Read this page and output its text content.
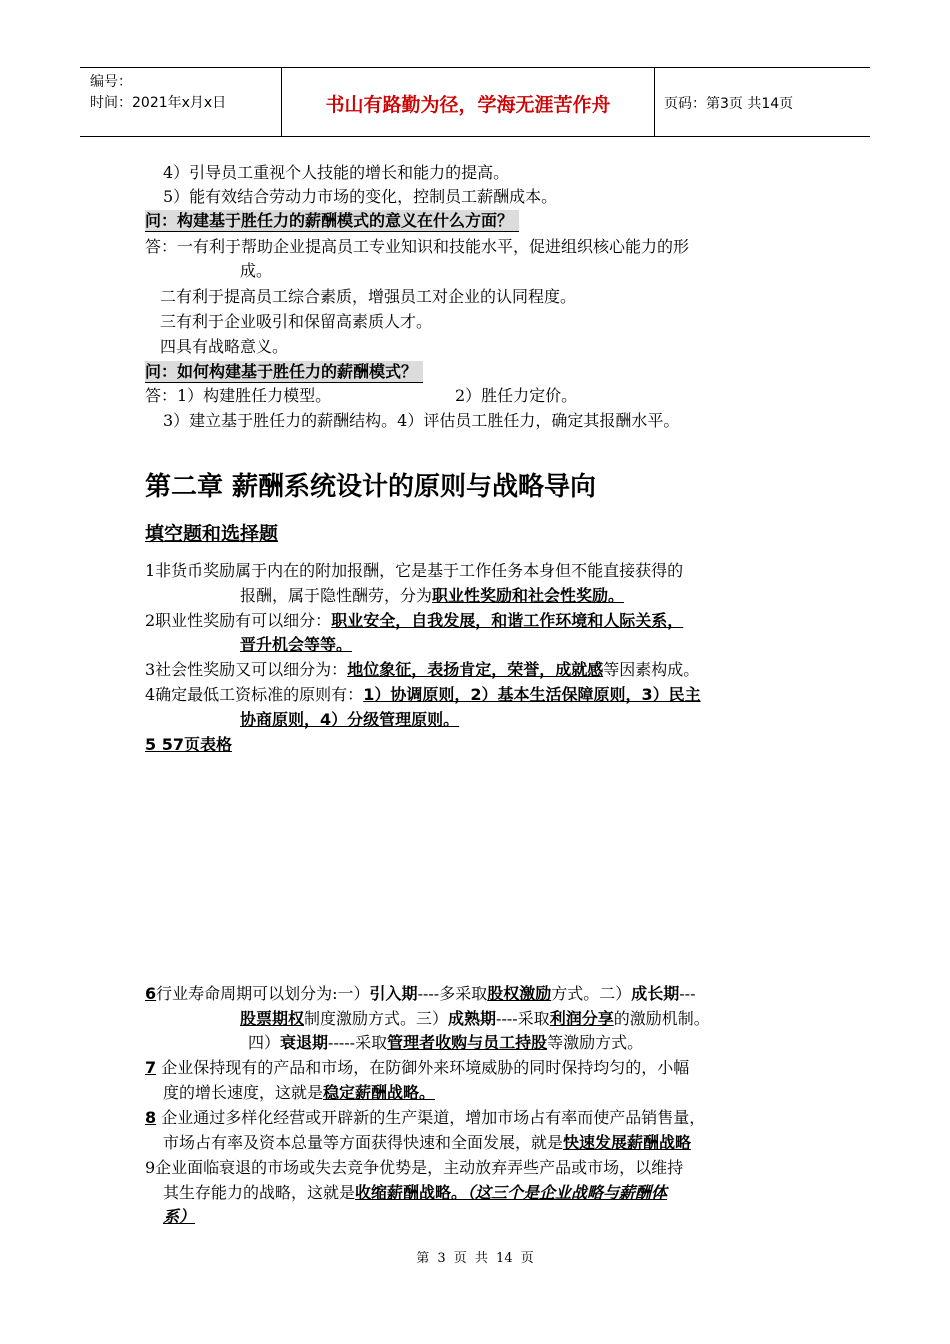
编号：
时间：2021年x月x日	书山有路勤为径，学海无涯苦作舟	页码：第3页 共14页
4）引导员工重视个人技能的增长和能力的提高。
5）能有效结合劳动力市场的变化，控制员工薪酬成本。
问：构建基于胜任力的薪酬模式的意义在什么方面？
答：一有利于帮助企业提高员工专业知识和技能水平，促进组织核心能力的形
成。
二有利于提高员工综合素质，增强员工对企业的认同程度。
三有利于企业吸引和保留高素质人才。
四具有战略意义。
问：如何构建基于胜任力的薪酬模式？
答：1）构建胜任力模型。	2）胜任力定价。
3）建立基于胜任力的薪酬结构。4）评估员工胜任力，确定其报酬水平。
第二章 薪酬系统设计的原则与战略导向
填空题和选择题
1非货币奖励属于内在的附加报酬，它是基于工作任务本身但不能直接获得的
报酬，属于隐性酬劳，分为职业性奖励和社会性奖励。
2职业性奖励有可以细分：职业安全，自我发展，和谐工作环境和人际关系，
晋升机会等等。
3社会性奖励又可以细分为：地位象征，表扬肯定，荣誉，成就感等因素构成。
4确定最低工资标准的原则有：1）协调原则，2）基本生活保障原则，3）民主
协商原则，4）分级管理原则。
5 57页表格
6行业寿命周期可以划分为:一）引入期----多采取股权激励方式。二）成长期---
股票期权制度激励方式。三）成熟期----采取利润分享的激励机制。
四）衰退期-----采取管理者收购与员工持股等激励方式。
7 企业保持现有的产品和市场，在防御外来环境威胁的同时保持均匀的，小幅
度的增长速度，这就是稳定薪酬战略。
8 企业通过多样化经营或开辟新的生产渠道，增加市场占有率而使产品销售量，
市场占有率及资本总量等方面获得快速和全面发展，就是快速发展薪酬战略
9企业面临衰退的市场或失去竞争优势是，主动放弃弄些产品或市场，以维持
其生存能力的战略，这就是收缩薪酬战略。（这三个是企业战略与薪酬体
系）
第 3 页 共 14 页
